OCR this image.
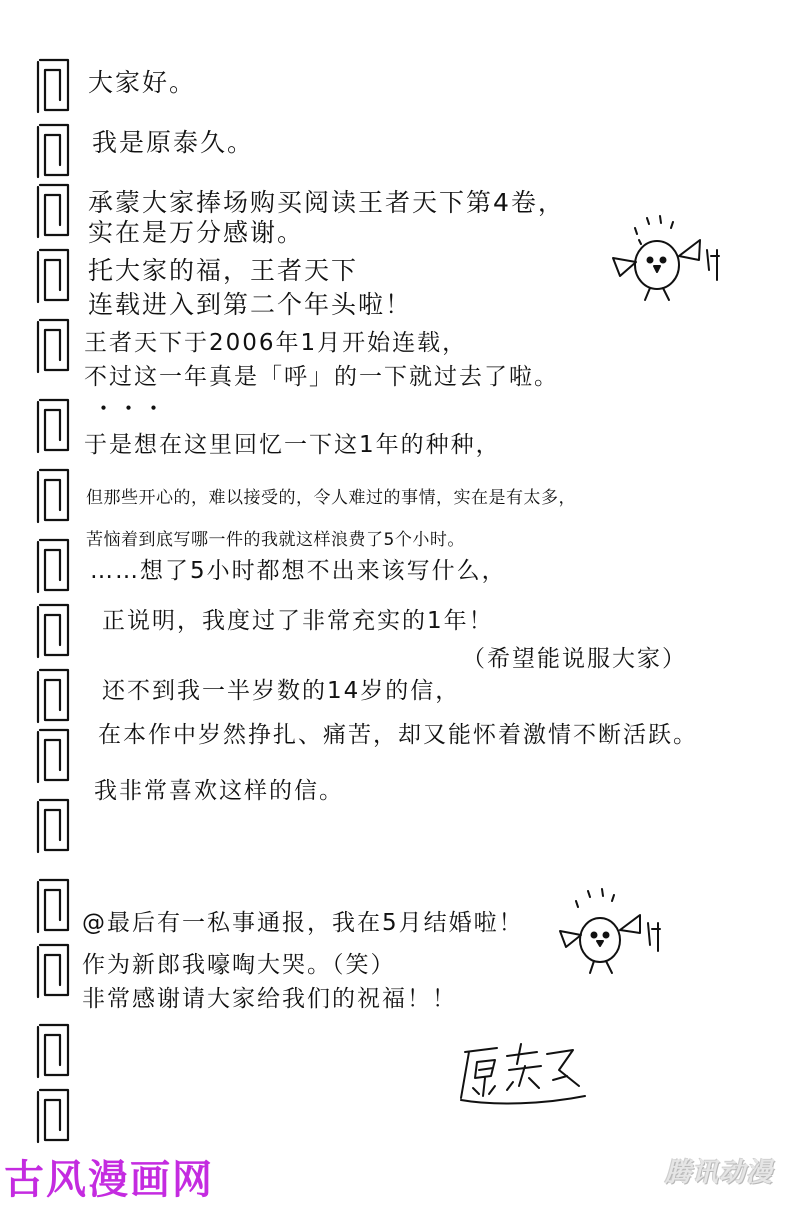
大家好。
我是原泰久。
承蒙大家捧场购买阅读王者天下第4卷，
实在是万分感谢。
托大家的福，王者天下
连载进入到第二个年头啦！
王者天下于2006年1月开始连载，
不过这一年真是「呼」的一下就过去了啦。
・・・
于是想在这里回忆一下这1年的种种，
但那些开心的，难以接受的，令人难过的事情，实在是有太多，
苦恼着到底写哪一件的我就这样浪费了5个小时。
……想了5小时都想不出来该写什么，
正说明，我度过了非常充实的1年！
（希望能说服大家）
还不到我一半岁数的14岁的信，
在本作中岁然挣扎、痛苦，却又能怀着激情不断活跃。
我非常喜欢这样的信。
@最后有一私事通报，我在5月结婚啦！
作为新郎我嚎啕大哭。（笑）
非常感谢请大家给我们的祝福！！
古风漫画网	腾讯动漫
